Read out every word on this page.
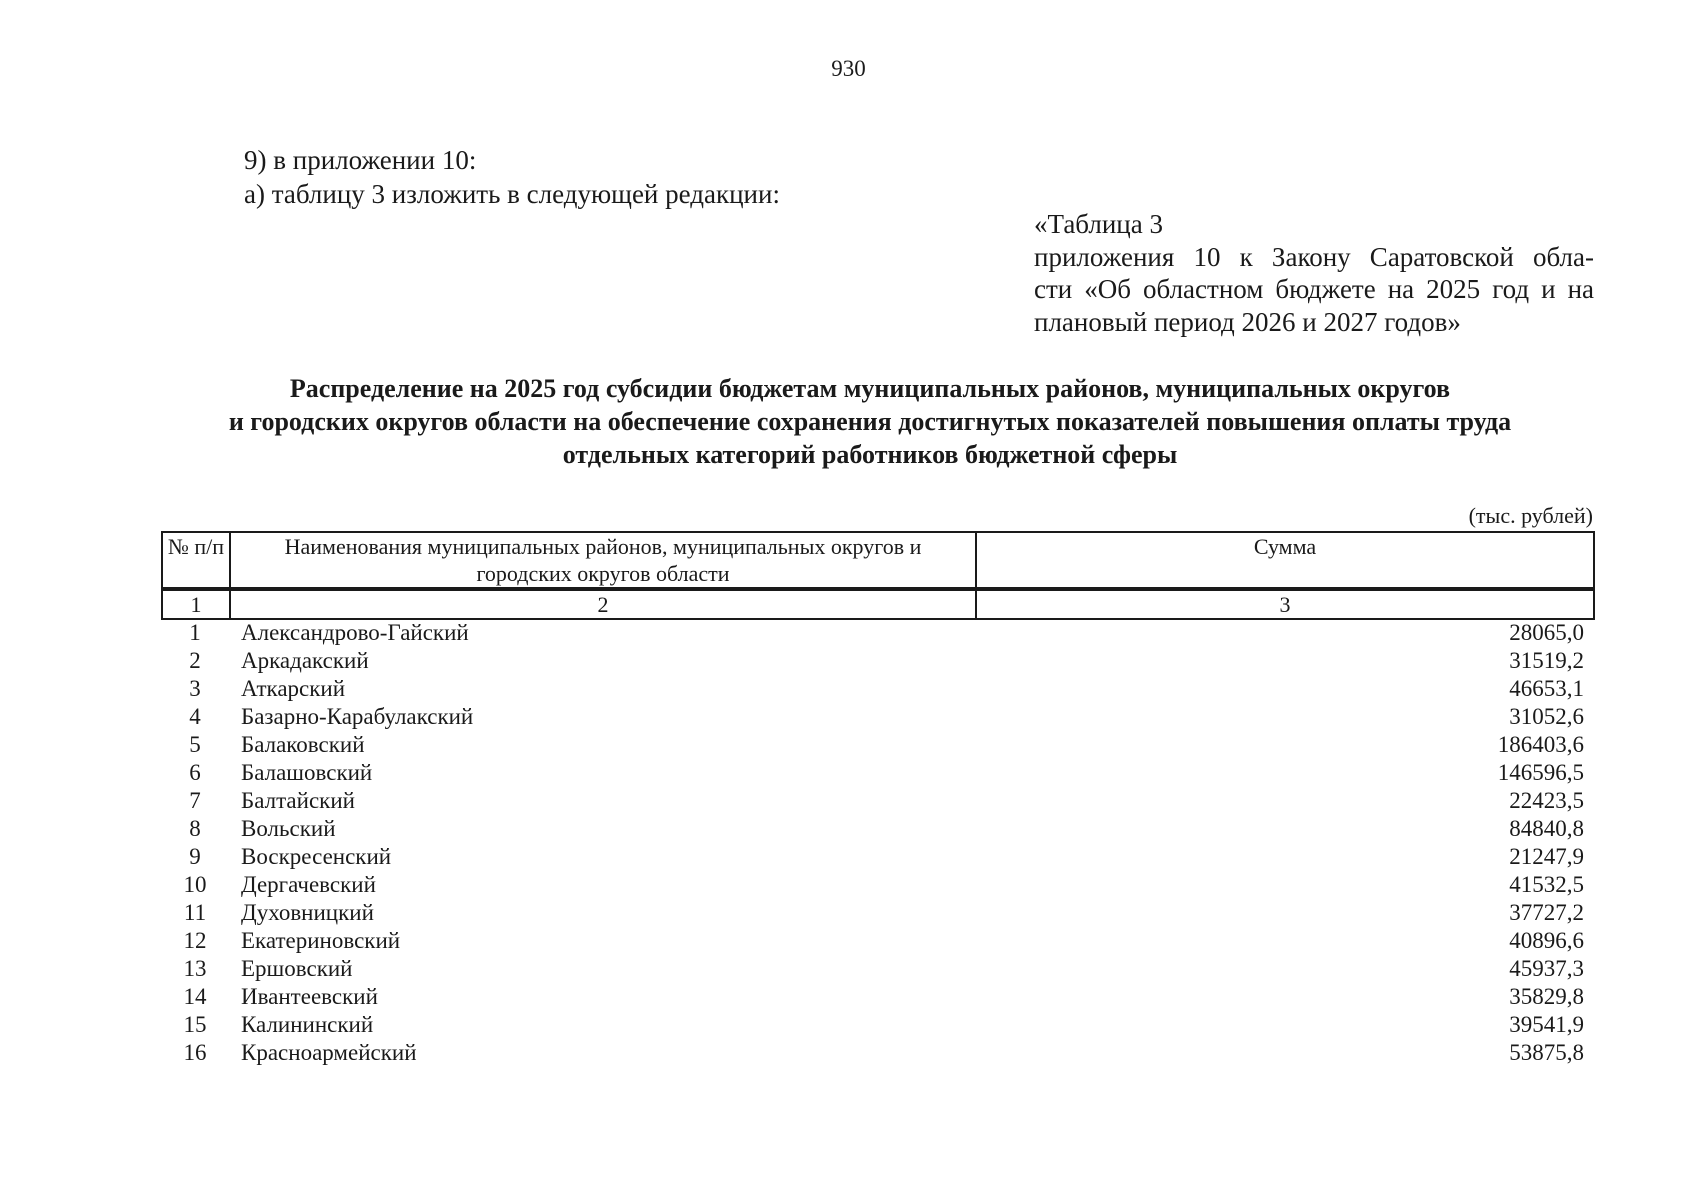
930
9) в приложении 10:
а) таблицу 3 изложить в следующей редакции:
«Таблица 3
приложения 10 к Закону Саратовской обла-
сти «Об областном бюджете на 2025 год и на
плановый период 2026 и 2027 годов»
Распределение на 2025 год субсидии бюджетам муниципальных районов, муниципальных округов
и городских округов области на обеспечение сохранения достигнутых показателей повышения оплаты труда
отдельных категорий работников бюджетной сферы
(тыс. рублей)
№ п/п	Наименования муниципальных районов, муниципальных округов и городских округов области	Сумма

1	2	3
1	Александрово-Гайский	28065,0
2	Аркадакский	31519,2
3	Аткарский	46653,1
4	Базарно-Карабулакский	31052,6
5	Балаковский	186403,6
6	Балашовский	146596,5
7	Балтайский	22423,5
8	Вольский	84840,8
9	Воскресенский	21247,9
10	Дергачевский	41532,5
11	Духовницкий	37727,2
12	Екатериновский	40896,6
13	Ершовский	45937,3
14	Ивантеевский	35829,8
15	Калининский	39541,9
16	Красноармейский	53875,8
